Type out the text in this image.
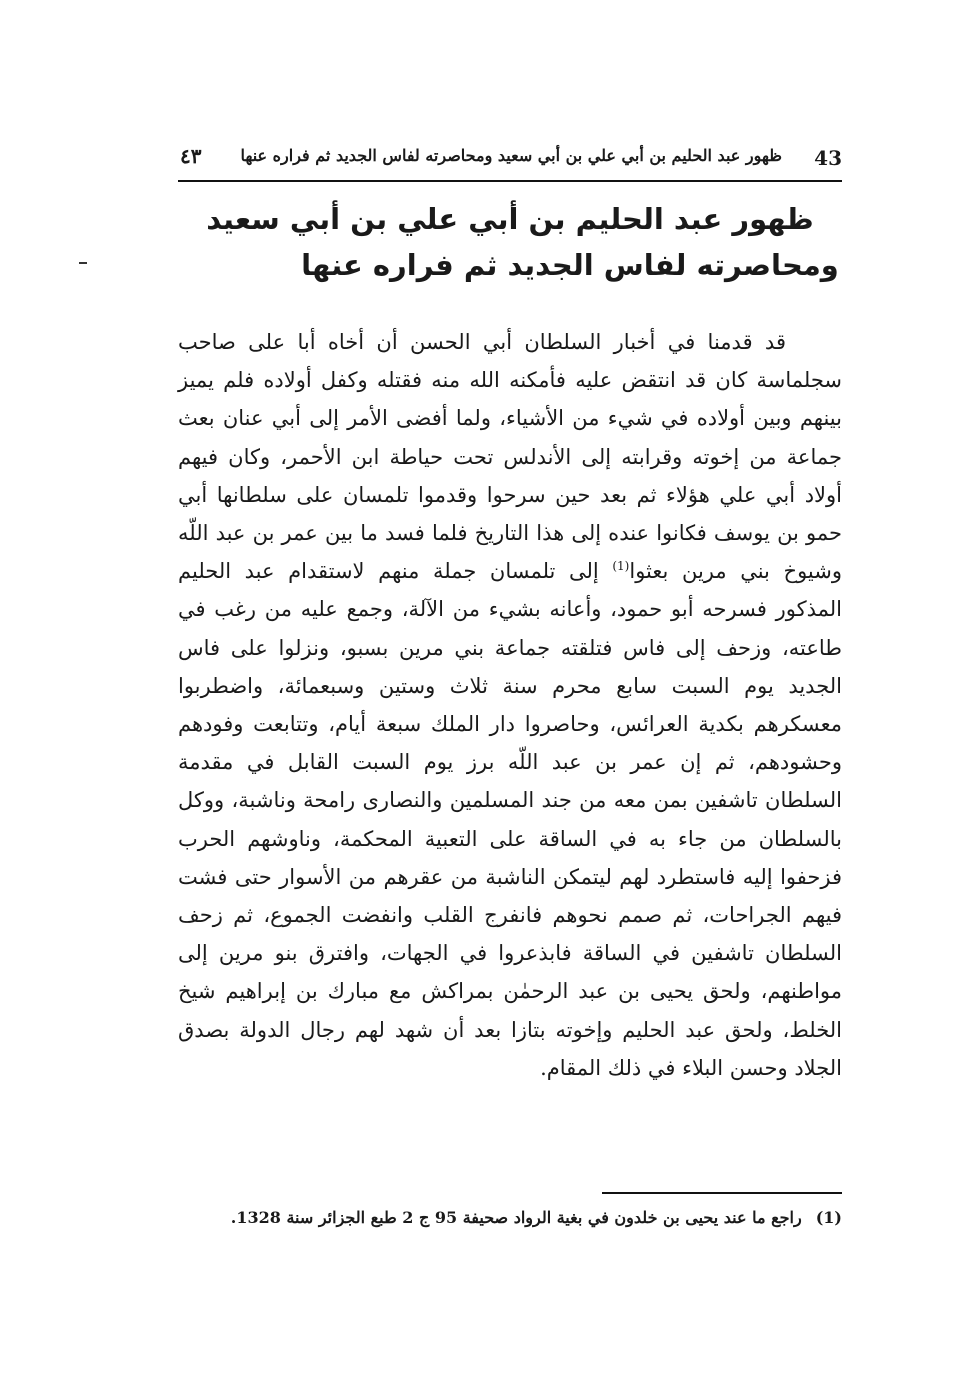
43
ظهور عبد الحليم بن أبي علي بن أبي سعيد ومحاصرته لفاس الجديد ثم فراره عنها
٤٣
ظهور عبد الحليم بن أبي علي بن أبي سعيد
ومحاصرته لفاس الجديد ثم فراره عنها

قد قدمنا في أخبار السلطان أبي الحسن أن أخاه أبا على صاحب سجلماسة كان قد انتقض عليه فأمكنه الله منه فقتله وكفل أولاده فلم يميز بينهم وبين أولاده في شيء من الأشياء، ولما أفضى الأمر إلى أبي عنان بعث جماعة من إخوته وقرابته إلى الأندلس تحت حياطة ابن الأحمر، وكان فيهم أولاد أبي علي هؤلاء ثم بعد حين سرحوا وقدموا تلمسان على سلطانها أبي حمو بن يوسف فكانوا عنده إلى هذا التاريخ فلما فسد ما بين عمر بن عبد اللّه وشيوخ بني مرين بعثوا$^{(1)}$ إلى تلمسان جملة منهم لاستقدام عبد الحليم المذكور فسرحه أبو حمود، وأعانه بشيء من الآلة، وجمع عليه من رغب في طاعته، وزحف إلى فاس فتلقته جماعة بني مرين بسبو، ونزلوا على فاس الجديد يوم السبت سابع محرم سنة ثلاث وستين وسبعمائة، واضطربوا معسكرهم بكدية العرائس، وحاصروا دار الملك سبعة أيام، وتتابعت وفودهم وحشودهم، ثم إن عمر بن عبد اللّه برز يوم السبت القابل في مقدمة السلطان تاشفين بمن معه من جند المسلمين والنصارى رامحة وناشبة، ووكل بالسلطان من جاء به في الساقة على التعبية المحكمة، وناوشهم الحرب فزحفوا إليه فاستطرد لهم ليتمكن الناشبة من عقرهم من الأسوار حتى فشت فيهم الجراحات، ثم صمم نحوهم فانفرج القلب وانفضت الجموع، ثم زحف السلطان تاشفين في الساقة فابذعروا في الجهات، وافترق بنو مرين إلى مواطنهم، ولحق يحيى بن عبد الرحمٰن بمراكش مع مبارك بن إبراهيم شيخ الخلط، ولحق عبد الحليم وإخوته بتازا بعد أن شهد لهم رجال الدولة بصدق الجلاد وحسن البلاء في ذلك المقام.

(1)راجع ما عند يحيى بن خلدون في بغية الرواد صحيفة 95 ج 2 طبع الجزائر سنة 1328.
